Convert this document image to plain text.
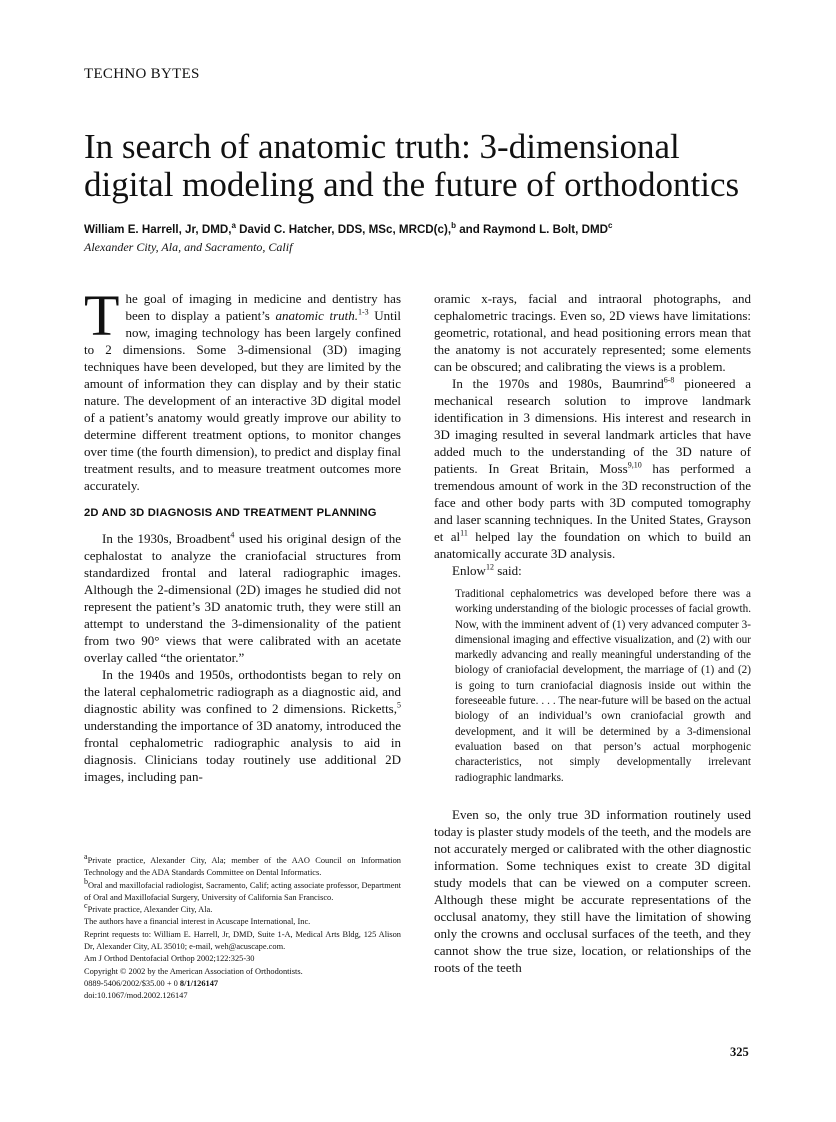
TECHNO BYTES
In search of anatomic truth: 3-dimensional
digital modeling and the future of orthodontics
William E. Harrell, Jr, DMD,$^a$ David C. Hatcher, DDS, MSc, MRCD(c),$^b$ and Raymond L. Bolt, DMD$^c$
Alexander City, Ala, and Sacramento, Calif

The goal of imaging in medicine and dentistry has been to display a patient’s anatomic truth.$^{1-3}$ Until now, imaging technology has been largely confined to 2 dimensions. Some 3-dimensional (3D) imaging techniques have been developed, but they are limited by the amount of information they can display and by their static nature. The development of an interactive 3D digital model of a patient’s anatomy would greatly improve our ability to determine different treatment options, to monitor changes over time (the fourth dimension), to predict and display final treatment results, and to measure treatment outcomes more accurately.

2D AND 3D DIAGNOSIS AND TREATMENT PLANNING

In the 1930s, Broadbent$^4$ used his original design of the cephalostat to analyze the craniofacial structures from standardized frontal and lateral radiographic images. Although the 2-dimensional (2D) images he studied did not represent the patient’s 3D anatomic truth, they were still an attempt to understand the 3-dimensionality of the patient from two 90° views that were calibrated with an acetate overlay called “the orientator.”

In the 1940s and 1950s, orthodontists began to rely on the lateral cephalometric radiograph as a diagnostic aid, and diagnostic ability was confined to 2 dimensions. Ricketts,$^5$ understanding the importance of 3D anatomy, introduced the frontal cephalometric radiographic analysis to aid in diagnosis. Clinicians today routinely use additional 2D images, including pan-

$^a$Private practice, Alexander City, Ala; member of the AAO Council on Information Technology and the ADA Standards Committee on Dental Informatics.
$^b$Oral and maxillofacial radiologist, Sacramento, Calif; acting associate professor, Department of Oral and Maxillofacial Surgery, University of California San Francisco.
$^c$Private practice, Alexander City, Ala.
The authors have a financial interest in Acuscape International, Inc.
Reprint requests to: William E. Harrell, Jr, DMD, Suite 1-A, Medical Arts Bldg, 125 Alison Dr, Alexander City, AL 35010; e-mail, weh@acuscape.com.
Am J Orthod Dentofacial Orthop 2002;122:325-30
Copyright © 2002 by the American Association of Orthodontists.
0889-5406/2002/$35.00 + 0 8/1/126147
doi:10.1067/mod.2002.126147

oramic x-rays, facial and intraoral photographs, and cephalometric tracings. Even so, 2D views have limitations: geometric, rotational, and head positioning errors mean that the anatomy is not accurately represented; some elements can be obscured; and calibrating the views is a problem.

In the 1970s and 1980s, Baumrind$^{6-8}$ pioneered a mechanical research solution to improve landmark identification in 3 dimensions. His interest and research in 3D imaging resulted in several landmark articles that have added much to the understanding of the 3D nature of patients. In Great Britain, Moss$^{9,10}$ has performed a tremendous amount of work in the 3D reconstruction of the face and other body parts with 3D computed tomography and laser scanning techniques. In the United States, Grayson et $al^{11}$ helped lay the foundation on which to build an anatomically accurate 3D analysis.

Enlow$^{12}$ said:

Traditional cephalometrics was developed before there was a working understanding of the biologic processes of facial growth. Now, with the imminent advent of (1) very advanced computer 3-dimensional imaging and effective visualization, and (2) with our markedly advancing and really meaningful understanding of the biology of craniofacial development, the marriage of (1) and (2) is going to turn craniofacial diagnosis inside out within the foreseeable future. . . . The near-future will be based on the actual biology of an individual’s own craniofacial growth and development, and it will be determined by a 3-dimensional evaluation based on that person’s actual morphogenic characteristics, not simply developmentally irrelevant radiographic landmarks.

Even so, the only true 3D information routinely used today is plaster study models of the teeth, and the models are not accurately merged or calibrated with the other diagnostic information. Some techniques exist to create 3D digital study models that can be viewed on a computer screen. Although these might be accurate representations of the occlusal anatomy, they still have the limitation of showing only the crowns and occlusal surfaces of the teeth, and they cannot show the true size, location, or relationships of the roots of the teeth

325
